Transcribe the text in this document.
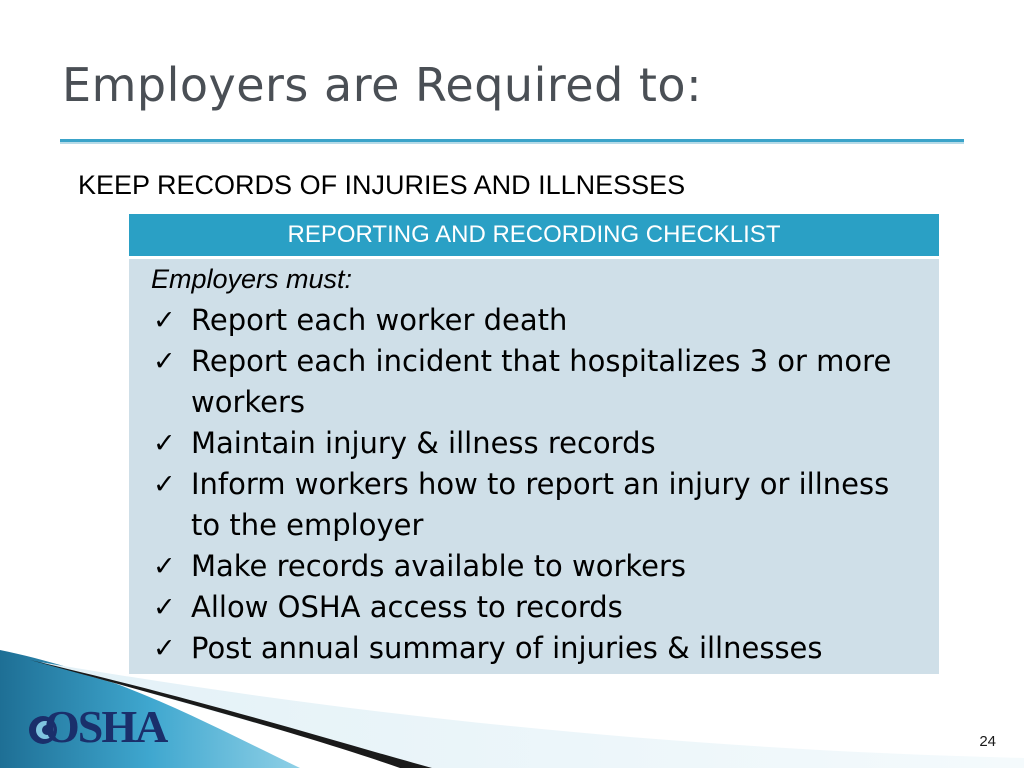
Employers are Required to:
KEEP RECORDS OF INJURIES AND ILLNESSES
REPORTING AND RECORDING CHECKLIST

Employers must:

✓ Report each worker death
✓ Report each incident that hospitalizes 3 or more workers
✓ Maintain injury & illness records
✓ Inform workers how to report an injury or illness to the employer
✓ Make records available to workers
✓ Allow OSHA access to records
✓ Post annual summary of injuries & illnesses
OSHA	24
